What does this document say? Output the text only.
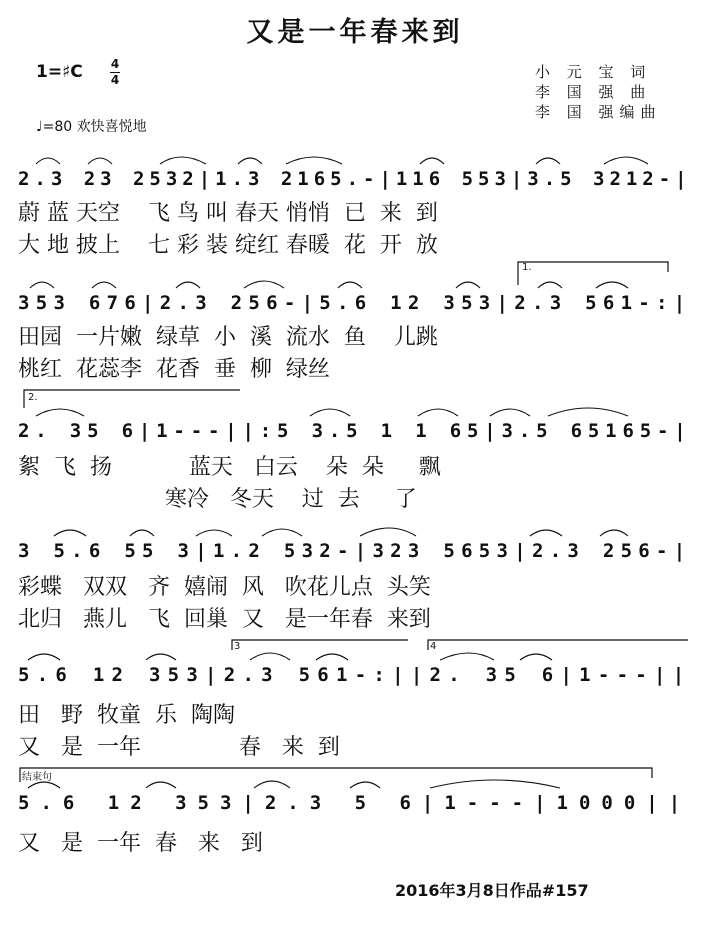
又是一年春来到
1=♯C 4
4
♩=80 欢快喜悦地
小 元 宝 词
李 国 强 曲
李 国 强编曲
2.3 23 2532|1.3 2165.-|116 553|3.5 3212-|
蔚 蓝 天空    飞 鸟 叫 春天 悄悄  已  来  到
大 地 披上    七 彩 装 绽红 春暖  花  开  放
353 676|2.3 256-|5.6 12 353|2.3 561-:|
田园  一片嫩  绿草  小  溪  流水  鱼    儿跳
桃红  花蕊李  花香  垂  柳  绿丝
2. 35 6|1---||:5 3.5 1 1 65|3.5 65165-|
絮  飞  扬           蓝天   白云    朵  朵     飘
寒冷   冬天    过  去     了
3 5.6 55 3|1.2 532-|323 5653|2.3 256-|
彩蝶   双双   齐  嬉闹  风   吹花儿点  头笑
北归   燕儿   飞  回巢  又   是一年春  来到
5.6 12 353|2.3 561-:||2. 35 6|1---||
田   野  牧童  乐  陶陶
又   是  一年              春   来  到
5.6 12 353|2.3 5 6|1---|1000||
又   是  一年  春   来   到
1.
2.
3	4
结束句
2016年3月8日作品#157
